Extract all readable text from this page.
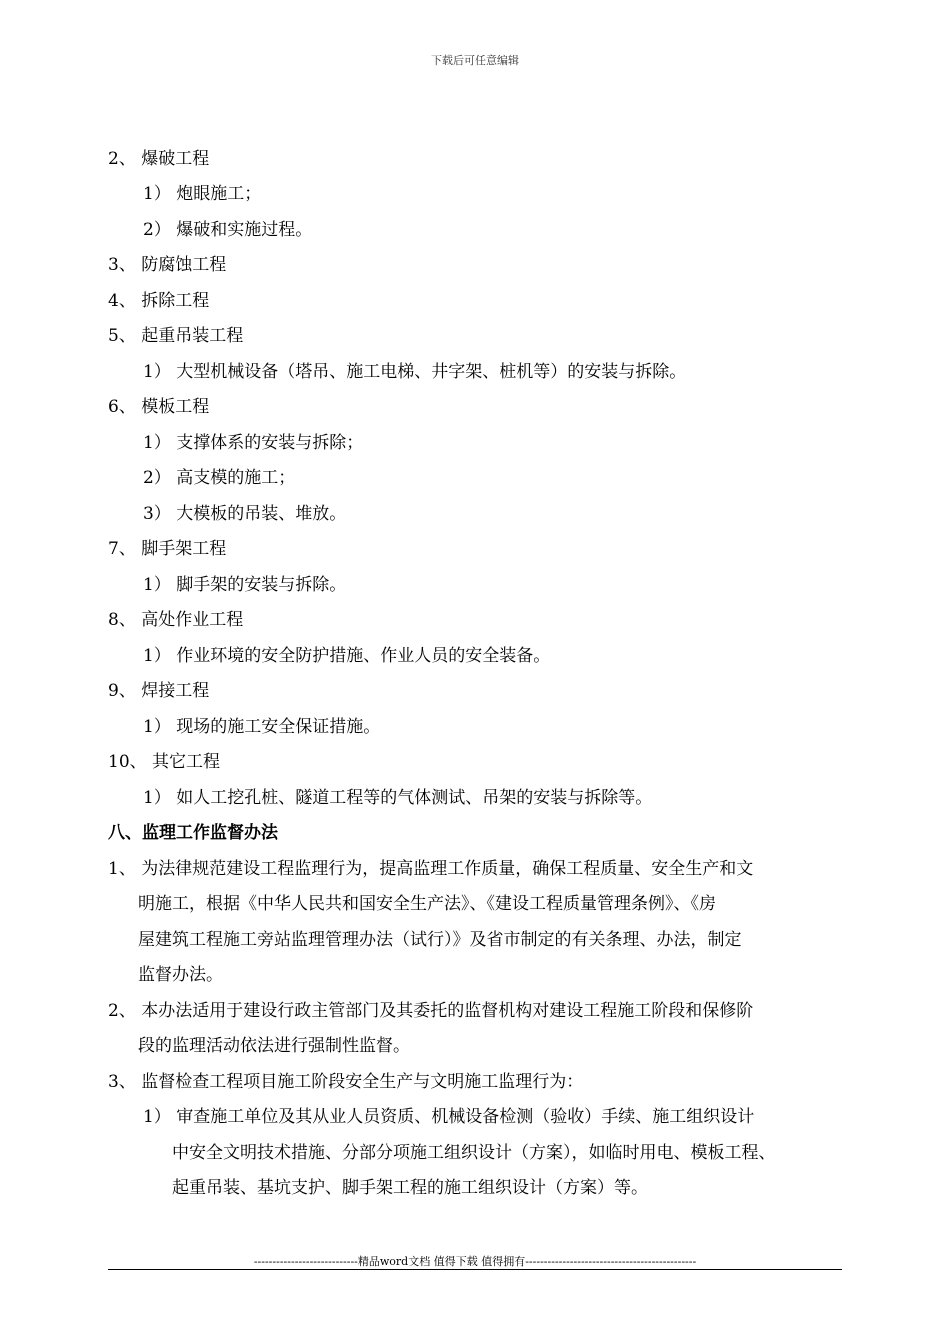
下载后可任意编辑
2、 爆破工程
1） 炮眼施工；
2） 爆破和实施过程。
3、 防腐蚀工程
4、 拆除工程
5、 起重吊装工程
1） 大型机械设备（塔吊、施工电梯、井字架、桩机等）的安装与拆除。
6、 模板工程
1） 支撑体系的安装与拆除；
2） 高支模的施工；
3） 大模板的吊装、堆放。
7、 脚手架工程
1） 脚手架的安装与拆除。
8、 高处作业工程
1） 作业环境的安全防护措施、作业人员的安全装备。
9、 焊接工程
1） 现场的施工安全保证措施。
10、 其它工程
1） 如人工挖孔桩、隧道工程等的气体测试、吊架的安装与拆除等。
八、监理工作监督办法
1、 为法律规范建设工程监理行为，提高监理工作质量，确保工程质量、安全生产和文
明施工，根据《中华人民共和国安全生产法》、《建设工程质量管理条例》、《房
屋建筑工程施工旁站监理管理办法（试行）》及省市制定的有关条理、办法，制定
监督办法。
2、 本办法适用于建设行政主管部门及其委托的监督机构对建设工程施工阶段和保修阶
段的监理活动依法进行强制性监督。
3、 监督检查工程项目施工阶段安全生产与文明施工监理行为：
1） 审查施工单位及其从业人员资质、机械设备检测（验收）手续、施工组织设计
中安全文明技术措施、分部分项施工组织设计（方案），如临时用电、模板工程、
起重吊装、基坑支护、脚手架工程的施工组织设计（方案）等。
----------------------------精品word文档 值得下载 值得拥有----------------------------------------------
